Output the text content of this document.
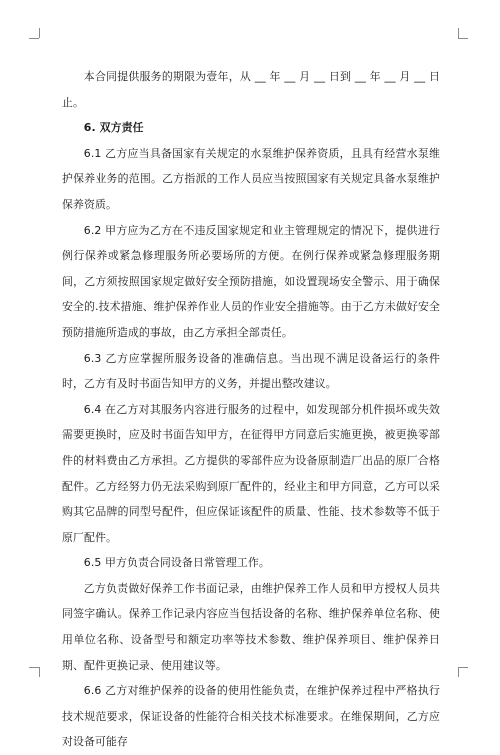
本合同提供服务的期限为壹年，从 __ 年 __ 月 __ 日到 __ 年 __ 月 __ 日止。

6. 双方责任

6.1 乙方应当具备国家有关规定的水泵维护保养资质，且具有经营水泵维护保养业务的范围。乙方指派的工作人员应当按照国家有关规定具备水泵维护保养资质。

6.2 甲方应为乙方在不违反国家规定和业主管理规定的情况下，提供进行例行保养或紧急修理服务所必要场所的方便。在例行保养或紧急修理服务期间，乙方须按照国家规定做好安全预防措施，如设置现场安全警示、用于确保安全的.技术措施、维护保养作业人员的作业安全措施等。由于乙方未做好安全预防措施所造成的事故，由乙方承担全部责任。

6.3 乙方应掌握所服务设备的准确信息。当出现不满足设备运行的条件时，乙方有及时书面告知甲方的义务，并提出整改建议。

6.4 在乙方对其服务内容进行服务的过程中，如发现部分机件损坏或失效需要更换时，应及时书面告知甲方，在征得甲方同意后实施更换，被更换零部件的材料费由乙方承担。乙方提供的零部件应为设备原制造厂出品的原厂合格配件。乙方经努力仍无法采购到原厂配件的，经业主和甲方同意，乙方可以采购其它品牌的同型号配件，但应保证该配件的质量、性能、技术参数等不低于原厂配件。

6.5 甲方负责合同设备日常管理工作。

乙方负责做好保养工作书面记录，由维护保养工作人员和甲方授权人员共同签字确认。保养工作记录内容应当包括设备的名称、维护保养单位名称、使用单位名称、设备型号和额定功率等技术参数、维护保养项目、维护保养日期、配件更换记录、使用建议等。

6.6 乙方对维护保养的设备的使用性能负责，在维护保养过程中严格执行技术规范要求，保证设备的性能符合相关技术标准要求。在维保期间，乙方应对设备可能存
